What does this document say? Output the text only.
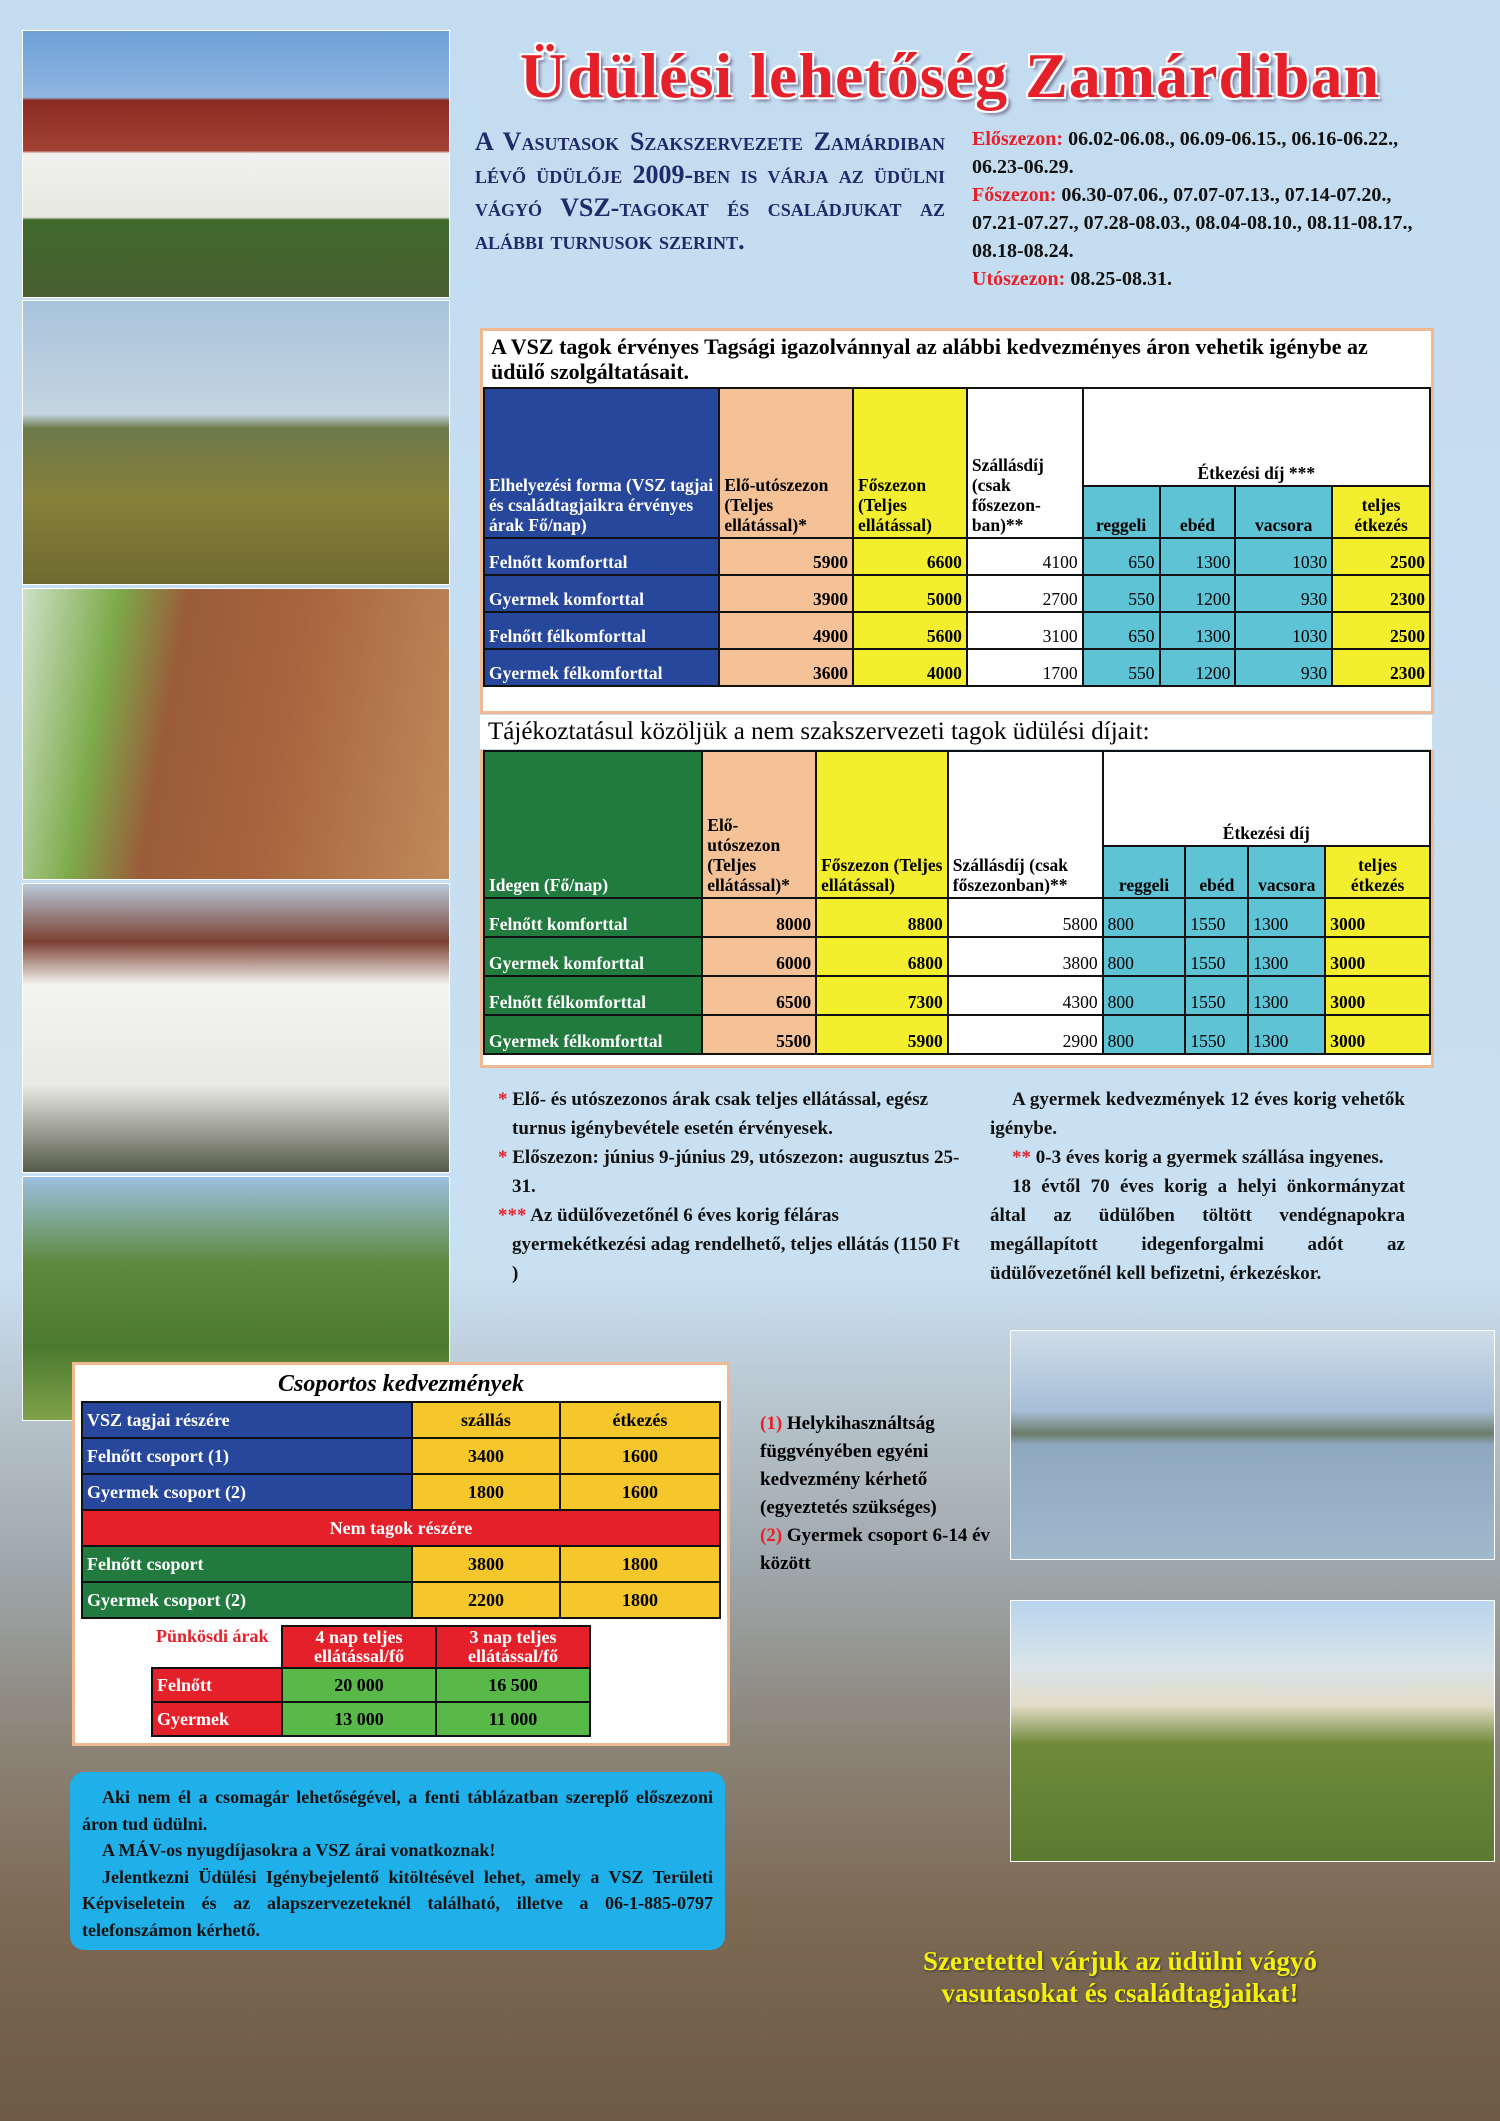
Üdülési lehetőség Zamárdiban

A Vasutasok Szakszervezete Zamárdiban lévő üdülője 2009-ben is várja az üdülni vágyó VSZ-tagokat és családjukat az alábbi turnusok szerint.

Előszezon: 06.02-06.08., 06.09-06.15., 06.16-06.22., 06.23-06.29.
Főszezon: 06.30-07.06., 07.07-07.13., 07.14-07.20., 07.21-07.27., 07.28-08.03., 08.04-08.10., 08.11-08.17., 08.18-08.24.
Utószezon: 08.25-08.31.
A VSZ tagok érvényes Tagsági igazolvánnyal az alábbi kedvezményes áron vehetik igénybe az üdülő szolgáltatásait.
Elhelyezési forma (VSZ tagjai és családtagjaikra érvényes árak Fő/nap)	Elő-utószezon (Teljes ellátással)*	Főszezon (Teljes ellátással)	Szállásdíj (csak főszezon-ban)**	Étkezési díj ***			
				reggeli	ebéd	vacsora	teljes étkezés
Felnőtt komforttal	5900	6600	4100	650	1300	1030	2500
Gyermek komforttal	3900	5000	2700	550	1200	930	2300
Felnőtt félkomforttal	4900	5600	3100	650	1300	1030	2500
Gyermek félkomforttal	3600	4000	1700	550	1200	930	2300
Tájékoztatásul közöljük a nem szakszervezeti tagok üdülési díjait:
Idegen (Fő/nap)	Elő-utószezon (Teljes ellátással)*	Főszezon (Teljes ellátással)	Szállásdíj (csak főszezonban)**	Étkezési díj			
				reggeli	ebéd	vacsora	teljes étkezés
Felnőtt komforttal	8000	8800	5800	800	1550	1300	3000
Gyermek komforttal	6000	6800	3800	800	1550	1300	3000
Felnőtt félkomforttal	6500	7300	4300	800	1550	1300	3000
Gyermek félkomforttal	5500	5900	2900	800	1550	1300	3000
* Elő- és utószezonos árak csak teljes ellátással, egész turnus igénybevétele esetén érvényesek.
* Előszezon: június 9-június 29, utószezon: augusztus 25-31.
*** Az üdülővezetőnél 6 éves korig féláras gyermekétkezési adag rendelhető, teljes ellátás (1150 Ft )
A gyermek kedvezmények 12 éves korig vehetők igénybe.
** 0-3 éves korig a gyermek szállása ingyenes.
18 évtől 70 éves korig a helyi önkormányzat által az üdülőben töltött vendégnapokra megállapított idegenforgalmi adót az üdülővezetőnél kell befizetni, érkezéskor.
Csoportos kedvezmények
VSZ tagjai részére	szállás	étkezés
Felnőtt csoport (1)	3400	1600
Gyermek csoport (2)	1800	1600
Nem tagok részére		
Felnőtt csoport	3800	1800
Gyermek csoport (2)	2200	1800
Pünkösdi árak	4 nap teljes ellátással/fő	3 nap teljes ellátással/fő
Felnőtt	20 000	16 500
Gyermek	13 000	11 000
(1) Helykihasználtság függvényében egyéni kedvezmény kérhető (egyeztetés szükséges)
(2) Gyermek csoport 6-14 év között

Aki nem él a csomagár lehetőségével, a fenti táblázatban szereplő előszezoni áron tud üdülni.

A MÁV-os nyugdíjasokra a VSZ árai vonatkoznak!

Jelentkezni Üdülési Igénybejelentő kitöltésével lehet, amely a VSZ Területi Képviseletein és az alapszervezeteknél található, illetve a 06-1-885-0797 telefonszámon kérhető.

Szeretettel várjuk az üdülni vágyó
vasutasokat és családtagjaikat!
